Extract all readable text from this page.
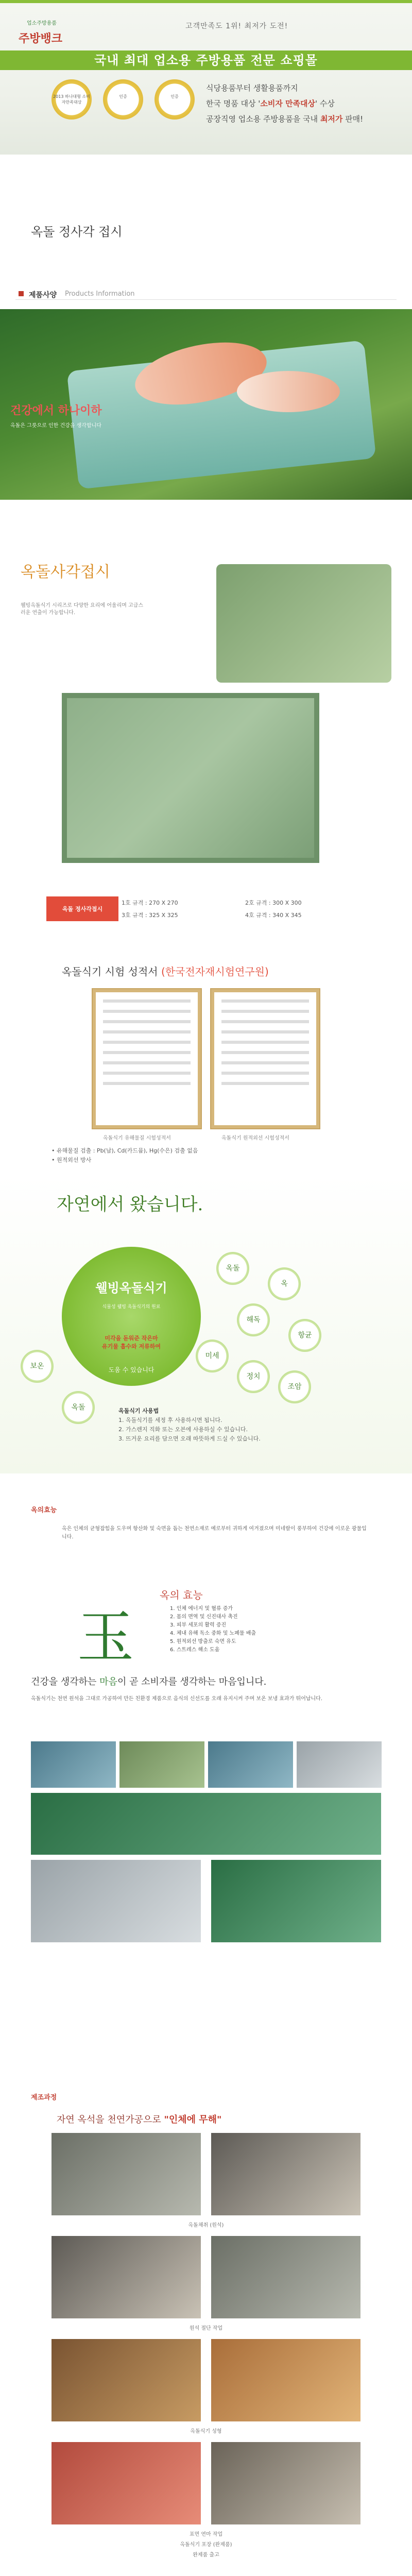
업소주방용품
주방뱅크
고객만족도 1위! 최저가 도전!
국내 최대 업소용 주방용품 전문 쇼핑몰
2013 하나대형 소비자만족대상
인증	인증
식당용품부터 생활용품까지
한국 명품 대상 '소비자 만족대상' 수상
공장직영 업소용 주방용품을 국내 최저가 판매!
옥돌 정사각 접시
제품사양 Products Information
건강에서 하나이하
옥돌은 그릇으로 인한 건강을 생각합니다
옥돌사각접시
웰빙옥돌식기 시리즈로 다양한 요리에 어울리며 고급스러운 연출이 가능합니다.
옥돌 정사각접시	1호 규격 : 270 X 270	2호 규격 : 300 X 300
	3호 규격 : 325 X 325	4호 규격 : 340 X 345
옥돌식기 시험 성적서 (한국전자재시험연구원)
옥돌식기 유해물질 시험성적서	옥돌식기 원적외선 시험성적서
• 유해물질 검출 : Pb(납), Cd(카드뮴), Hg(수은) 검출 없음
• 원적외선 방사
자연에서 왔습니다.
웰빙옥돌식기
식물성 웰빙 옥돌식기의 원료
미각을 돋워준 작은마
유기물 흡수와 저류하여
도움 수 있습니다
옥돌
옥
보온
해독
항균
미세
정치
조암
옥돌	옥돌식기 사용법
1. 옥돌식기를 세정 후 사용하시면 됩니다.
2. 가스렌지 직화 또는 오븐에 사용하실 수 있습니다.
3. 뜨거운 요리를 담으면 오래 따뜻하게 드실 수 있습니다.
옥의효능
옥은 인체의 균형잡힘을 도우며 항산화 및 숙면을 돕는 천연소재로 예로부터 귀하게 여겨졌으며 미네랄이 풍부하여 건강에 이로운 광물입니다.
玉
옥의 효능
1. 인체 에너지 및 혈류 증가
2. 몸의 면역 및 신진대사 촉진
3. 피부 세포의 활력 증진
4. 체내 유해 독소 중화 및 노폐물 배출
5. 원적외선 방출로 숙면 유도
6. 스트레스 해소 도움
건강을 생각하는 마음이 곧 소비자를 생각하는 마음입니다.
옥돌식기는 천연 원석을 그대로 가공하여 만든 친환경 제품으로 음식의 신선도를 오래 유지시켜 주며 보온 보냉 효과가 뛰어납니다.
제조과정
자연 옥석을 천연가공으로 "인체에 무해"
옥돌채취 (원석)
원석 절단 작업
옥돌식기 성형
표면 연마 작업
옥돌식기 포장 (완제품)
완제품 출고
